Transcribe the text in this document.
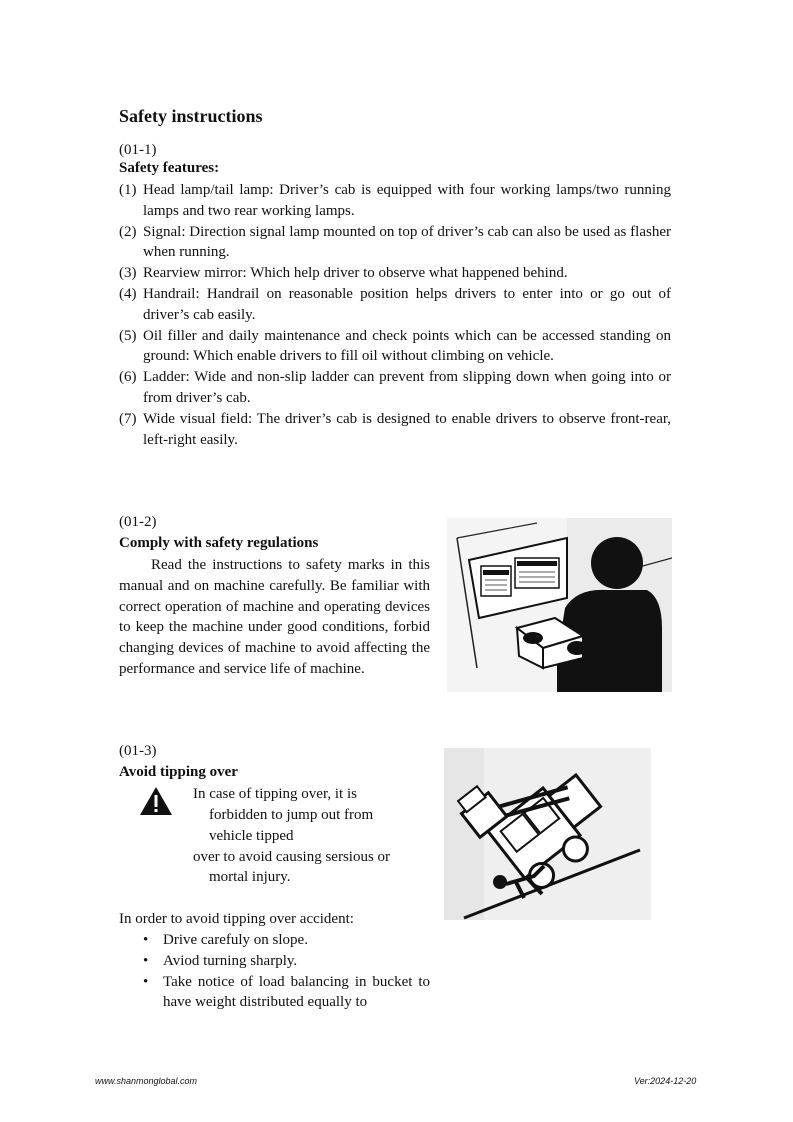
Safety instructions
(01-1)
Safety features:
(1) Head lamp/tail lamp: Driver’s cab is equipped with four working lamps/two running lamps and two rear working lamps.
(2) Signal: Direction signal lamp mounted on top of driver’s cab can also be used as flasher when running.
(3) Rearview mirror: Which help driver to observe what happened behind.
(4) Handrail: Handrail on reasonable position helps drivers to enter into or go out of driver’s cab easily.
(5) Oil filler and daily maintenance and check points which can be accessed standing on ground: Which enable drivers to fill oil without climbing on vehicle.
(6) Ladder: Wide and non-slip ladder can prevent from slipping down when going into or from driver’s cab.
(7) Wide visual field: The driver’s cab is designed to enable drivers to observe front-rear, left-right easily.
(01-2)
Comply with safety regulations
Read the instructions to safety marks in this manual and on machine carefully. Be familiar with correct operation of machine and operating devices to keep the machine under good conditions, forbid changing devices of machine to avoid affecting the performance and service life of machine.
(01-3)
Avoid tipping over
In case of tipping over, it is
forbidden to jump out from
vehicle tipped
over to avoid causing sersious or
mortal injury.
In order to avoid tipping over accident:
• Drive carefuly on slope.
• Aviod turning sharply.
• Take notice of load balancing in bucket to have weight distributed equally to
www.shanmonglobal.com	Ver:2024-12-20
